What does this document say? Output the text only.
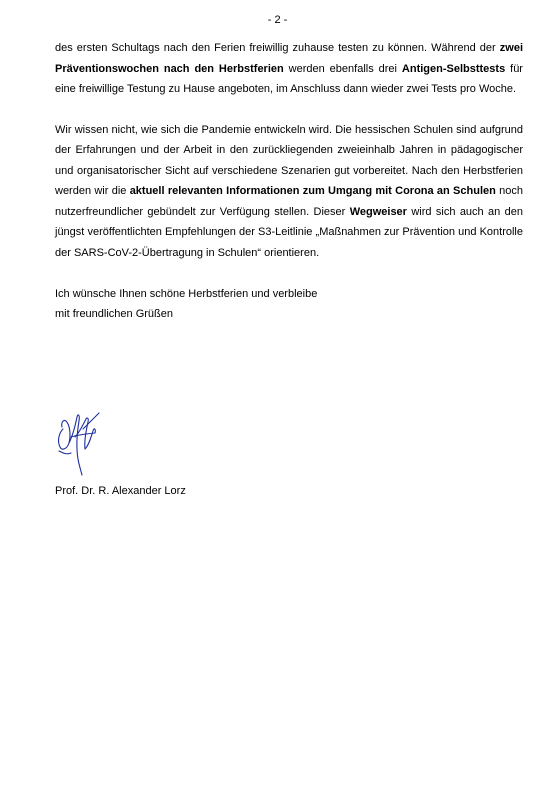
- 2 -

des ersten Schultags nach den Ferien freiwillig zuhause testen zu können. Während der zwei Präventionswochen nach den Herbstferien werden ebenfalls drei Antigen-Selbsttests für eine freiwillige Testung zu Hause angeboten, im Anschluss dann wieder zwei Tests pro Woche.

Wir wissen nicht, wie sich die Pandemie entwickeln wird. Die hessischen Schulen sind aufgrund der Erfahrungen und der Arbeit in den zurückliegenden zweieinhalb Jahren in pädagogischer und organisatorischer Sicht auf verschiedene Szenarien gut vorbereitet. Nach den Herbstferien werden wir die aktuell relevanten Informationen zum Umgang mit Corona an Schulen noch nutzerfreundlicher gebündelt zur Verfügung stellen. Dieser Wegweiser wird sich auch an den jüngst veröffentlichten Empfehlungen der S3-Leitlinie „Maßnahmen zur Prävention und Kontrolle der SARS-CoV-2-Übertragung in Schulen“ orientieren.

Ich wünsche Ihnen schöne Herbstferien und verbleibe

mit freundlichen Grüßen

Prof. Dr. R. Alexander Lorz
